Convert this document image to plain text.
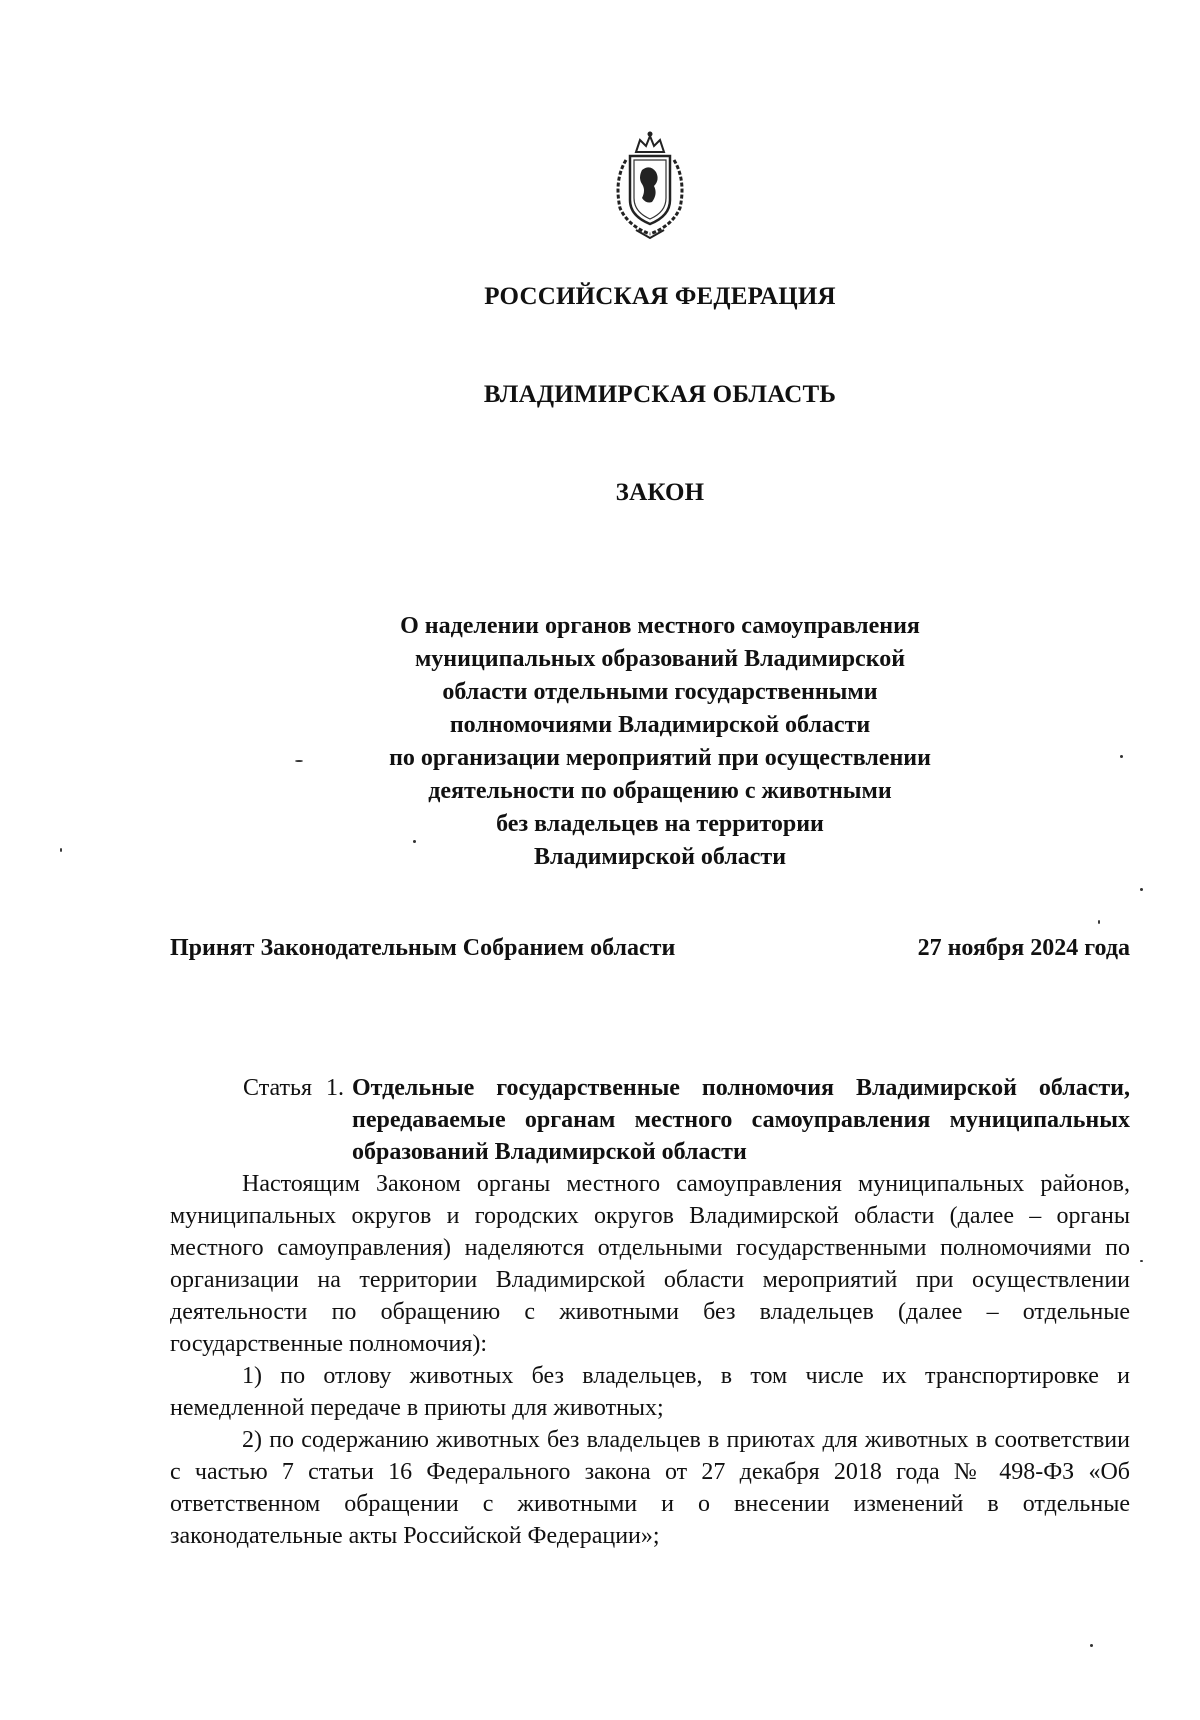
РОССИЙСКАЯ ФЕДЕРАЦИЯ
ВЛАДИМИРСКАЯ ОБЛАСТЬ
ЗАКОН
О наделении органов местного самоуправления
муниципальных образований Владимирской
области отдельными государственными
полномочиями Владимирской области
по организации мероприятий при осуществлении
деятельности по обращению с животными
без владельцев на территории
Владимирской области
Принят Законодательным Собранием области	27 ноября 2024 года
Статья 1. Отдельные государственные полномочия Владимирской области, передаваемые органам местного самоуправления муниципальных образований Владимирской области

Настоящим Законом органы местного самоуправления муниципальных районов, муниципальных округов и городских округов Владимирской области (далее – органы местного самоуправления) наделяются отдельными государственными полномочиями по организации на территории Владимирской области мероприятий при осуществлении деятельности по обращению с животными без владельцев (далее – отдельные государственные полномочия):

1) по отлову животных без владельцев, в том числе их транспортировке и немедленной передаче в приюты для животных;

2) по содержанию животных без владельцев в приютах для животных в соответствии с частью 7 статьи 16 Федерального закона от 27 декабря 2018 года № 498-ФЗ «Об ответственном обращении с животными и о внесении изменений в отдельные законодательные акты Российской Федерации»;
